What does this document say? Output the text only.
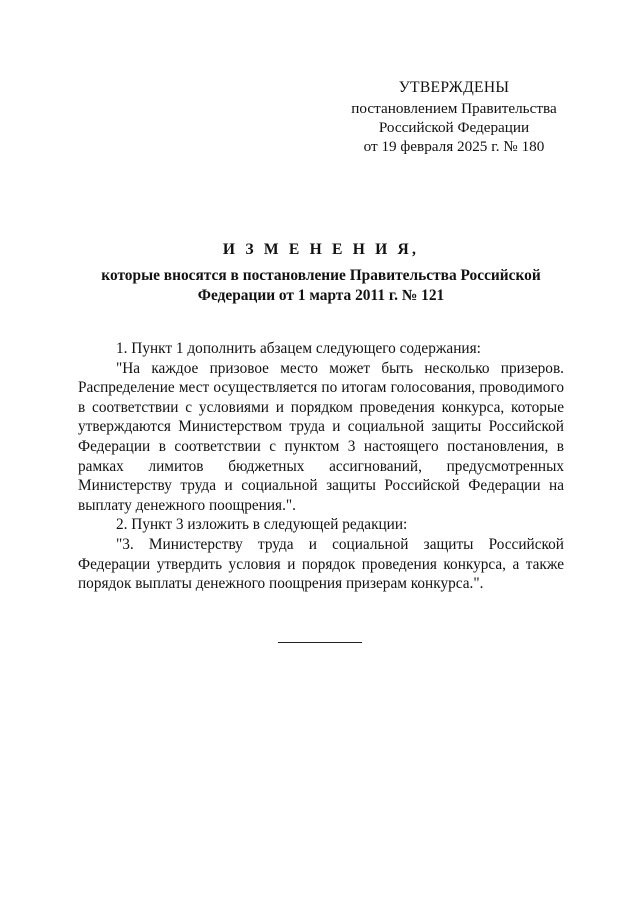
УТВЕРЖДЕНЫ
постановлением Правительства
Российской Федерации
от 19 февраля 2025 г. № 180
И З М Е Н Е Н И Я,
которые вносятся в постановление Правительства Российской Федерации от 1 марта 2011 г. № 121

1. Пункт 1 дополнить абзацем следующего содержания:

"На каждое призовое место может быть несколько призеров. Распределение мест осуществляется по итогам голосования, проводимого в соответствии с условиями и порядком проведения конкурса, которые утверждаются Министерством труда и социальной защиты Российской Федерации в соответствии с пунктом 3 настоящего постановления, в рамках лимитов бюджетных ассигнований, предусмотренных Министерству труда и социальной защиты Российской Федерации на выплату денежного поощрения.".

2. Пункт 3 изложить в следующей редакции:

"3. Министерству труда и социальной защиты Российской Федерации утвердить условия и порядок проведения конкурса, а также порядок выплаты денежного поощрения призерам конкурса.".
